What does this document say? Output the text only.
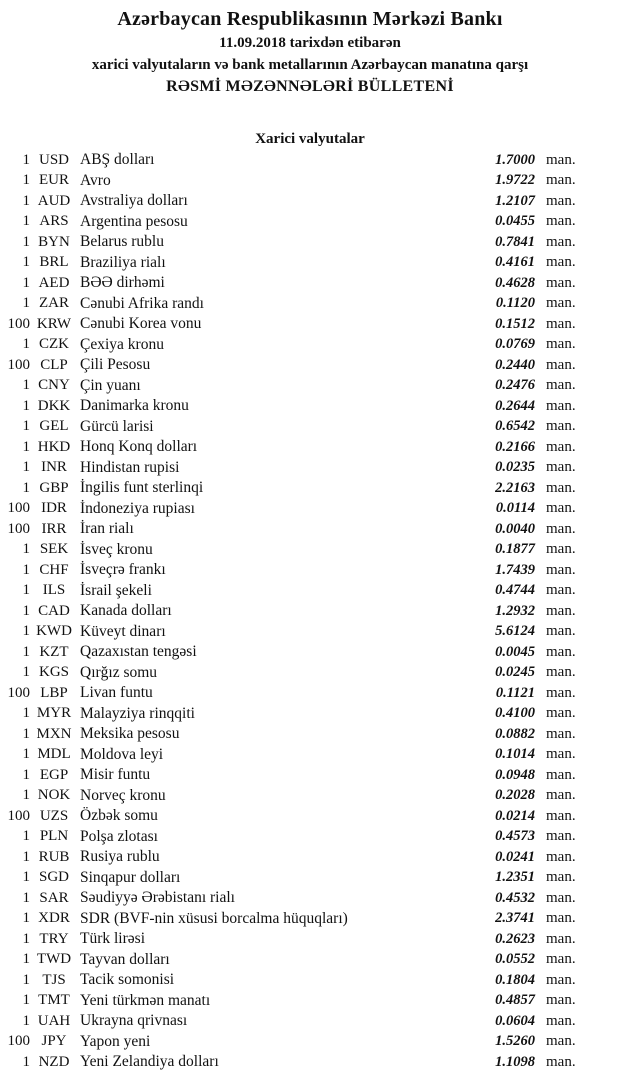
Azərbaycan Respublikasının Mərkəzi Bankı
11.09.2018 tarixdən etibarən
xarici valyutaların və bank metallarının Azərbaycan manatına qarşı
RƏSMİ MƏZƏNNƏLƏRİ BÜLLETENİ
Xarici valyutalar
1 USD ABŞ dolları	1.7000 man.
1 EUR Avro	1.9722 man.
1 AUD Avstraliya dolları	1.2107 man.
1 ARS Argentina pesosu	0.0455 man.
1 BYN Belarus rublu	0.7841 man.
1 BRL Braziliya rialı	0.4161 man.
1 AED BƏƏ dirhəmi	0.4628 man.
1 ZAR Cənubi Afrika randı	0.1120 man.
100 KRW Cənubi Korea vonu	0.1512 man.
1 CZK Çexiya kronu	0.0769 man.
100 CLP Çili Pesosu	0.2440 man.
1 CNY Çin yuanı	0.2476 man.
1 DKK Danimarka kronu	0.2644 man.
1 GEL Gürcü larisi	0.6542 man.
1 HKD Honq Konq dolları	0.2166 man.
1 INR Hindistan rupisi	0.0235 man.
1 GBP İngilis funt sterlinqi	2.2163 man.
100 IDR İndoneziya rupiası	0.0114 man.
100 IRR İran rialı	0.0040 man.
1 SEK İsveç kronu	0.1877 man.
1 CHF İsveçrə frankı	1.7439 man.
1 ILS İsrail şekeli	0.4744 man.
1 CAD Kanada dolları	1.2932 man.
1 KWD Küveyt dinarı	5.6124 man.
1 KZT Qazaxıstan tengəsi	0.0045 man.
1 KGS Qırğız somu	0.0245 man.
100 LBP Livan funtu	0.1121 man.
1 MYR Malayziya rinqqiti	0.4100 man.
1 MXN Meksika pesosu	0.0882 man.
1 MDL Moldova leyi	0.1014 man.
1 EGP Misir funtu	0.0948 man.
1 NOK Norveç kronu	0.2028 man.
100 UZS Özbək somu	0.0214 man.
1 PLN Polşa zlotası	0.4573 man.
1 RUB Rusiya rublu	0.0241 man.
1 SGD Sinqapur dolları	1.2351 man.
1 SAR Səudiyyə Ərəbistanı rialı	0.4532 man.
1 XDR SDR (BVF-nin xüsusi borcalma hüquqları)	2.3741 man.
1 TRY Türk lirəsi	0.2623 man.
1 TWD Tayvan dolları	0.0552 man.
1 TJS Tacik somonisi	0.1804 man.
1 TMT Yeni türkmən manatı	0.4857 man.
1 UAH Ukrayna qrivnası	0.0604 man.
100 JPY Yapon yeni	1.5260 man.
1 NZD Yeni Zelandiya dolları	1.1098 man.
